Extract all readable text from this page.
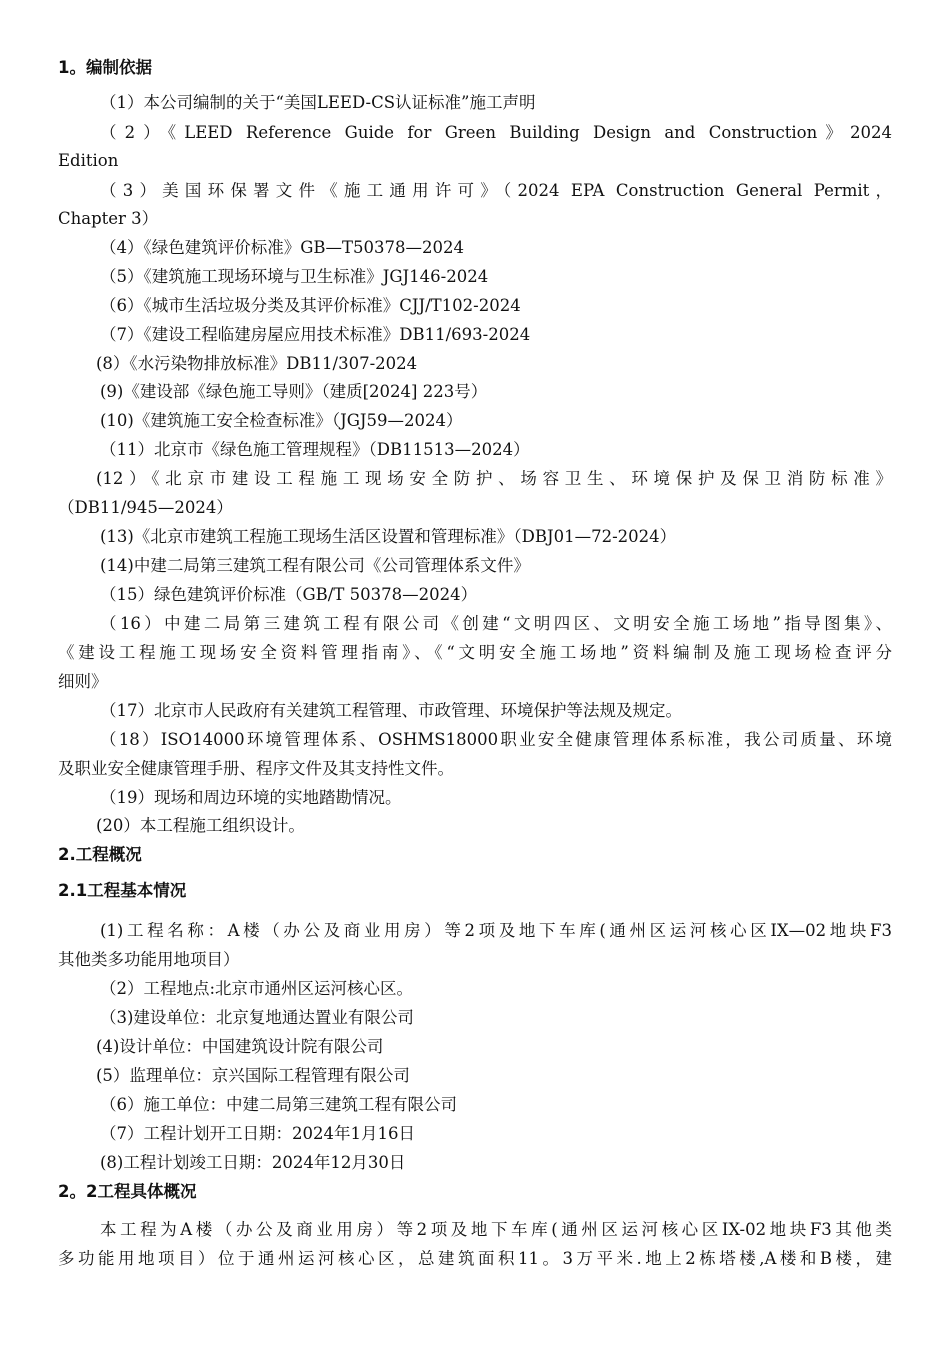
1。编制依据
（1）本公司编制的关于“美国LEED-CS认证标准”施工声明
（2）《LEED Reference Guide for Green Building Design and Construction》2024
Edition
（3）美国环保署文件《施工通用许可》（2024 EPA Construction General Permit，
Chapter 3）
（4）《绿色建筑评价标准》GB—T50378—2024
（5）《建筑施工现场环境与卫生标准》JGJ146-2024
（6）《城市生活垃圾分类及其评价标准》CJJ/T102-2024
（7）《建设工程临建房屋应用技术标准》DB11/693-2024
(8）《水污染物排放标准》DB11/307-2024
(9)《建设部《绿色施工导则》（建质[2024] 223号）
(10)《建筑施工安全检查标准》（JGJ59—2024）
（11）北京市《绿色施工管理规程》（DB11513—2024）
(12）《北京市建设工程施工现场安全防护、场容卫生、环境保护及保卫消防标准》
（DB11/945—2024）
(13)《北京市建筑工程施工现场生活区设置和管理标准》（DBJ01—72-2024）
(14)中建二局第三建筑工程有限公司《公司管理体系文件》
（15）绿色建筑评价标准（GB/T 50378—2024）
（16）中建二局第三建筑工程有限公司《创建“文明四区、文明安全施工场地”指导图集》、
《建设工程施工现场安全资料管理指南》、《“文明安全施工场地”资料编制及施工现场检查评分
细则》
（17）北京市人民政府有关建筑工程管理、市政管理、环境保护等法规及规定。
（18）ISO14000环境管理体系、OSHMS18000职业安全健康管理体系标准，我公司质量、环境
及职业安全健康管理手册、程序文件及其支持性文件。
（19）现场和周边环境的实地踏勘情况。
(20）本工程施工组织设计。
2.工程概况
2.1工程基本情况
(1)工程名称：A楼（办公及商业用房）等2项及地下车库(通州区运河核心区IX—02地块F3
其他类多功能用地项目）
（2）工程地点:北京市通州区运河核心区。
（3)建设单位：北京复地通达置业有限公司
(4)设计单位：中国建筑设计院有限公司
(5）监理单位：京兴国际工程管理有限公司
（6）施工单位：中建二局第三建筑工程有限公司
（7）工程计划开工日期：2024年1月16日
(8)工程计划竣工日期：2024年12月30日
2。2工程具体概况
本工程为A楼（办公及商业用房）等2项及地下车库(通州区运河核心区IX-02地块F3其他类
多功能用地项目）位于通州运河核心区，总建筑面积11。3万平米.地上2栋塔楼,A楼和B楼，建
